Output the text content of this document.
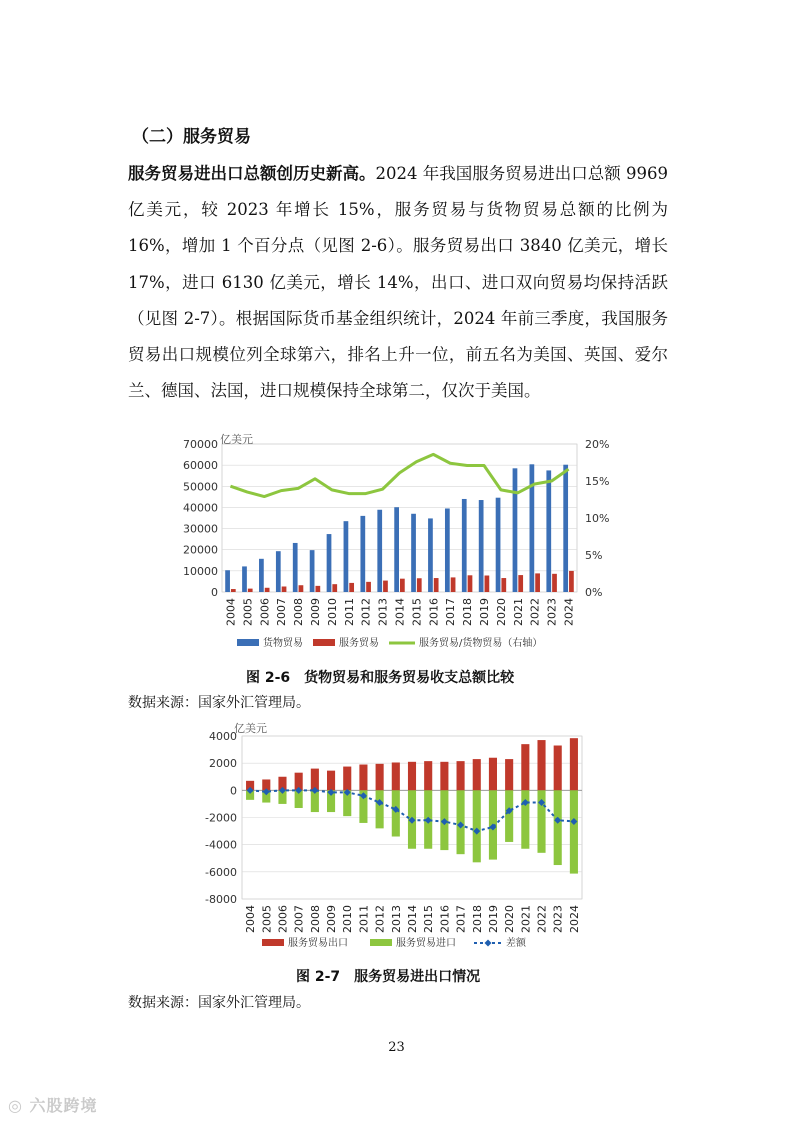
（二）服务贸易
服务贸易进出口总额创历史新高。2024 年我国服务贸易进出口总额 9969 亿美元，较 2023 年增长 15%，服务贸易与货物贸易总额的比例为 16%，增加 1 个百分点（见图 2-6）。服务贸易出口 3840 亿美元，增长 17%，进口 6130 亿美元，增长 14%，出口、进口双向贸易均保持活跃（见图 2-7）。根据国际货币基金组织统计，2024 年前三季度，我国服务贸易出口规模位列全球第六，排名上升一位，前五名为美国、英国、爱尔兰、德国、法国，进口规模保持全球第二，仅次于美国。
0
10000
20000
30000
40000
50000
60000
70000
0%
5%
10%
15%
20%
亿美元
2004 2005 2006 2007 2008 2009 2010 2011 2012 2013 2014 2015 2016 2017 2018 2019 2020 2021 2022 2023 2024
货物贸易	服务贸易	服务贸易/货物贸易（右轴）
图 2-6　货物贸易和服务贸易收支总额比较
数据来源：国家外汇管理局。
-8000
-6000
-4000
-2000
0
2000
4000
亿美元
2004 2005 2006 2007 2008 2009 2010 2011 2012 2013 2014 2015 2016 2017 2018 2019 2020 2021 2022 2023 2024
服务贸易出口	服务贸易进口	差额
图 2-7　服务贸易进出口情况
数据来源：国家外汇管理局。
23
◎ 六股跨境
